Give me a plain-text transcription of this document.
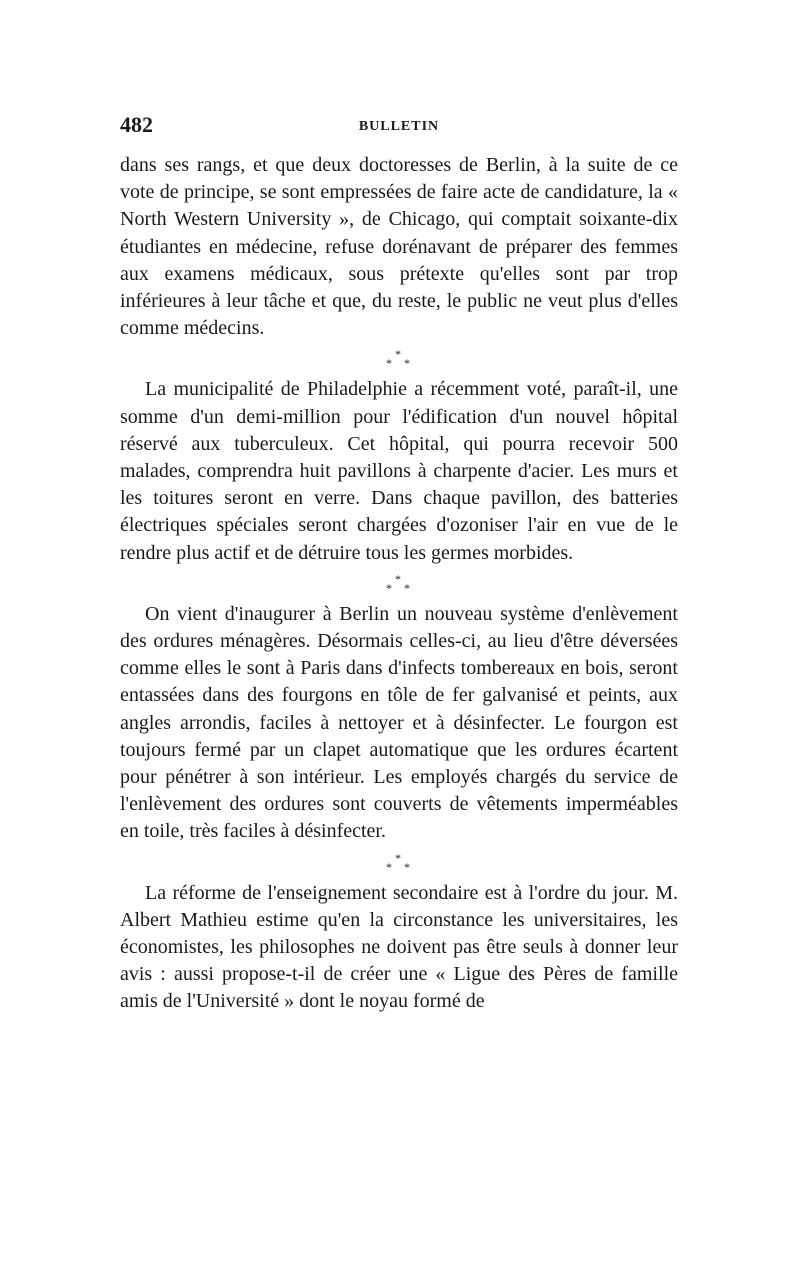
482	BULLETIN

dans ses rangs, et que deux doctoresses de Berlin, à la suite de ce vote de principe, se sont empressées de faire acte de candidature, la « North Western University », de Chicago, qui comptait soixante-dix étudiantes en médecine, refuse dorénavant de préparer des femmes aux examens médicaux, sous prétexte qu'elles sont par trop inférieures à leur tâche et que, du reste, le public ne veut plus d'elles comme médecins.

*
* *

La municipalité de Philadelphie a récemment voté, paraît-il, une somme d'un demi-million pour l'édification d'un nouvel hôpital réservé aux tuberculeux. Cet hôpital, qui pourra recevoir 500 malades, comprendra huit pavillons à charpente d'acier. Les murs et les toitures seront en verre. Dans chaque pavillon, des batteries électriques spéciales seront chargées d'ozoniser l'air en vue de le rendre plus actif et de détruire tous les germes morbides.

*
* *

On vient d'inaugurer à Berlin un nouveau système d'enlèvement des ordures ménagères. Désormais celles-ci, au lieu d'être déversées comme elles le sont à Paris dans d'infects tombereaux en bois, seront entassées dans des fourgons en tôle de fer galvanisé et peints, aux angles arrondis, faciles à nettoyer et à désinfecter. Le fourgon est toujours fermé par un clapet automatique que les ordures écartent pour pénétrer à son intérieur. Les employés chargés du service de l'enlèvement des ordures sont couverts de vêtements imperméables en toile, très faciles à désinfecter.

*
* *

La réforme de l'enseignement secondaire est à l'ordre du jour. M. Albert Mathieu estime qu'en la circonstance les universitaires, les économistes, les philosophes ne doivent pas être seuls à donner leur avis : aussi propose-t-il de créer une « Ligue des Pères de famille amis de l'Université » dont le noyau formé de
